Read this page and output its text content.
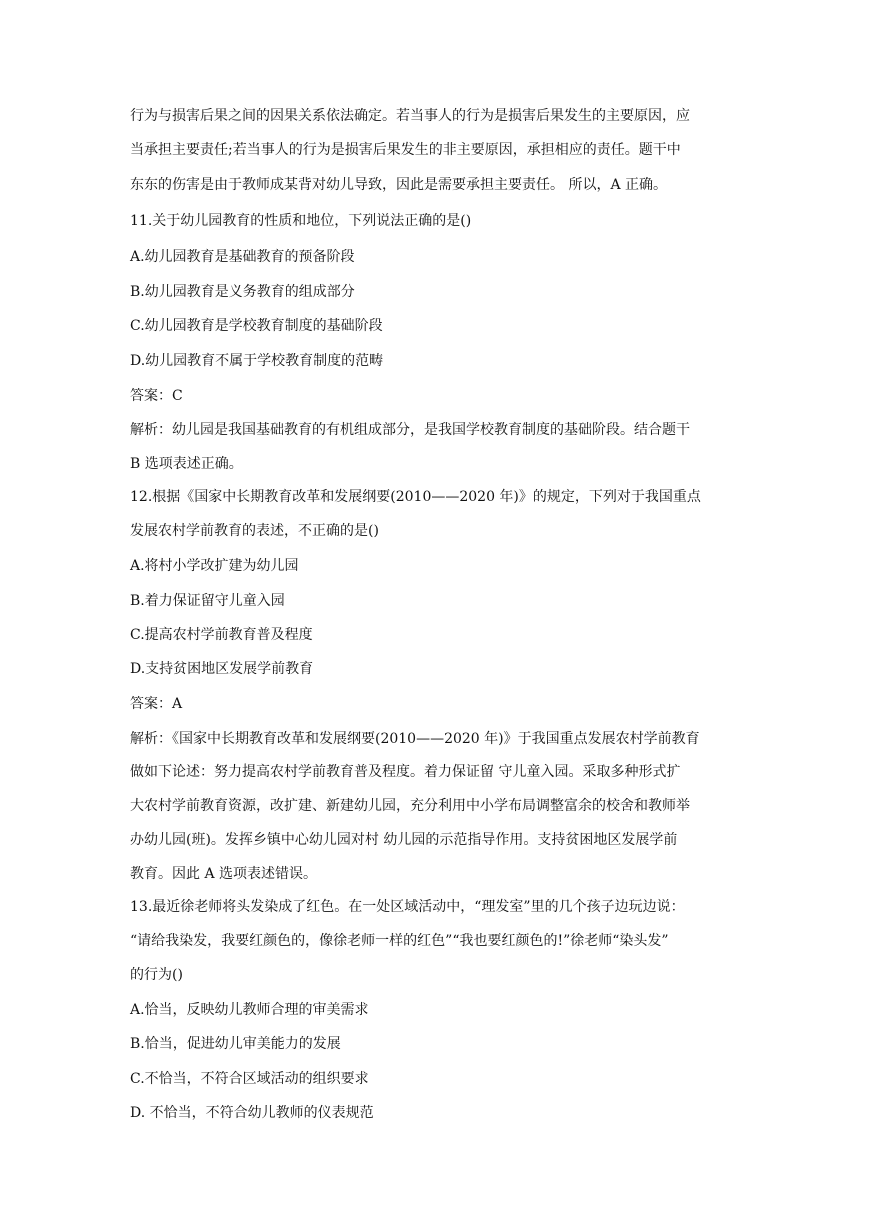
行为与损害后果之间的因果关系依法确定。若当事人的行为是损害后果发生的主要原因，应
当承担主要责任;若当事人的行为是损害后果发生的非主要原因，承担相应的责任。题干中
东东的伤害是由于教师成某背对幼儿导致，因此是需要承担主要责任。 所以，A 正确。
11.关于幼儿园教育的性质和地位，下列说法正确的是()
A.幼儿园教育是基础教育的预备阶段
B.幼儿园教育是义务教育的组成部分
C.幼儿园教育是学校教育制度的基础阶段
D.幼儿园教育不属于学校教育制度的范畴
答案：C
解析：幼儿园是我国基础教育的有机组成部分，是我国学校教育制度的基础阶段。结合题干
B 选项表述正确。
12.根据《国家中长期教育改革和发展纲要(2010——2020 年)》的规定，下列对于我国重点
发展农村学前教育的表述，不正确的是()
A.将村小学改扩建为幼儿园
B.着力保证留守儿童入园
C.提高农村学前教育普及程度
D.支持贫困地区发展学前教育
答案：A
解析：《国家中长期教育改革和发展纲要(2010——2020 年)》于我国重点发展农村学前教育
做如下论述：努力提高农村学前教育普及程度。着力保证留 守儿童入园。采取多种形式扩
大农村学前教育资源，改扩建、新建幼儿园，充分利用中小学布局调整富余的校舍和教师举
办幼儿园(班)。发挥乡镇中心幼儿园对村 幼儿园的示范指导作用。支持贫困地区发展学前
教育。因此 A 选项表述错误。
13.最近徐老师将头发染成了红色。在一处区域活动中，“理发室”里的几个孩子边玩边说：
“请给我染发，我要红颜色的，像徐老师一样的红色”“我也要红颜色的!”徐老师“染头发”
的行为()
A.恰当，反映幼儿教师合理的审美需求
B.恰当，促进幼儿审美能力的发展
C.不恰当，不符合区域活动的组织要求
D. 不恰当，不符合幼儿教师的仪表规范
